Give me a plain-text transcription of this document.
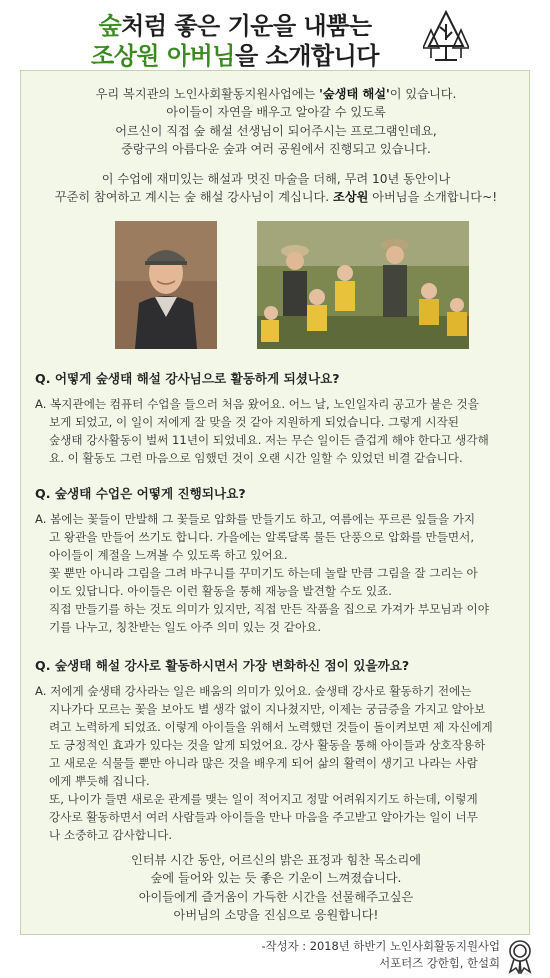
숲처럼 좋은 기운을 내뿜는
조상원 아버님을 소개합니다

우리 복지관의 노인사회활동지원사업에는 '숲생태 해설'이 있습니다.

아이들이 자연을 배우고 알아갈 수 있도록

어르신이 직접 숲 해설 선생님이 되어주시는 프로그램인데요,

중랑구의 아름다운 숲과 여러 공원에서 진행되고 있습니다.

이 수업에 재미있는 해설과 멋진 마술을 더해, 무려 10년 동안이나

꾸준히 참여하고 계시는 숲 해설 강사님이 계십니다. 조상원 아버님을 소개합니다~!

Q. 어떻게 숲생태 해설 강사님으로 활동하게 되셨나요?
A. 복지관에는 컴퓨터 수업을 들으러 처음 왔어요. 어느 날, 노인일자리 공고가 붙은 것을
보게 되었고, 이 일이 저에게 잘 맞을 것 같아 지원하게 되었습니다. 그렇게 시작된
숲생태 강사활동이 벌써 11년이 되었네요. 저는 무슨 일이든 즐겁게 해야 한다고 생각해
요. 이 활동도 그런 마음으로 임했던 것이 오랜 시간 일할 수 있었던 비결 같습니다.
Q. 숲생태 수업은 어떻게 진행되나요?
A. 봄에는 꽃들이 만발해 그 꽃들로 압화를 만들기도 하고, 여름에는 푸르른 잎들을 가지
고 왕관을 만들어 쓰기도 합니다. 가을에는 알록달록 물든 단풍으로 압화를 만들면서,
아이들이 계절을 느껴볼 수 있도록 하고 있어요.
꽃 뿐만 아니라 그림을 그려 바구니를 꾸미기도 하는데 놀랄 만큼 그림을 잘 그리는 아
이도 있답니다. 아이들은 이런 활동을 통해 재능을 발견할 수도 있죠.
직접 만들기를 하는 것도 의미가 있지만, 직접 만든 작품을 집으로 가져가 부모님과 이야
기를 나누고, 칭찬받는 일도 아주 의미 있는 것 같아요.
Q. 숲생태 해설 강사로 활동하시면서 가장 변화하신 점이 있을까요?
A. 저에게 숲생태 강사라는 일은 배움의 의미가 있어요. 숲생태 강사로 활동하기 전에는
지나가다 모르는 꽃을 보아도 별 생각 없이 지나쳤지만, 이제는 궁금증을 가지고 알아보
려고 노력하게 되었죠. 이렇게 아이들을 위해서 노력했던 것들이 돌이켜보면 제 자신에게
도 긍정적인 효과가 있다는 것을 알게 되었어요. 강사 활동을 통해 아이들과 상호작용하
고 새로운 식물들 뿐만 아니라 많은 것을 배우게 되어 삶의 활력이 생기고 나라는 사람
에게 뿌듯해 집니다.
또, 나이가 들면 새로운 관계를 맺는 일이 적어지고 정말 어려워지기도 하는데, 이렇게
강사로 활동하면서 여러 사람들과 아이들을 만나 마음을 주고받고 알아가는 일이 너무
나 소중하고 감사합니다.

인터뷰 시간 동안, 어르신의 밝은 표정과 힘찬 목소리에

숲에 들어와 있는 듯 좋은 기운이 느껴졌습니다.

아이들에게 즐거움이 가득한 시간을 선물해주고싶은

아버님의 소망을 진심으로 응원합니다!

-작성자 : 2018년 하반기 노인사회활동지원사업
서포터즈 강한힘, 한설희
